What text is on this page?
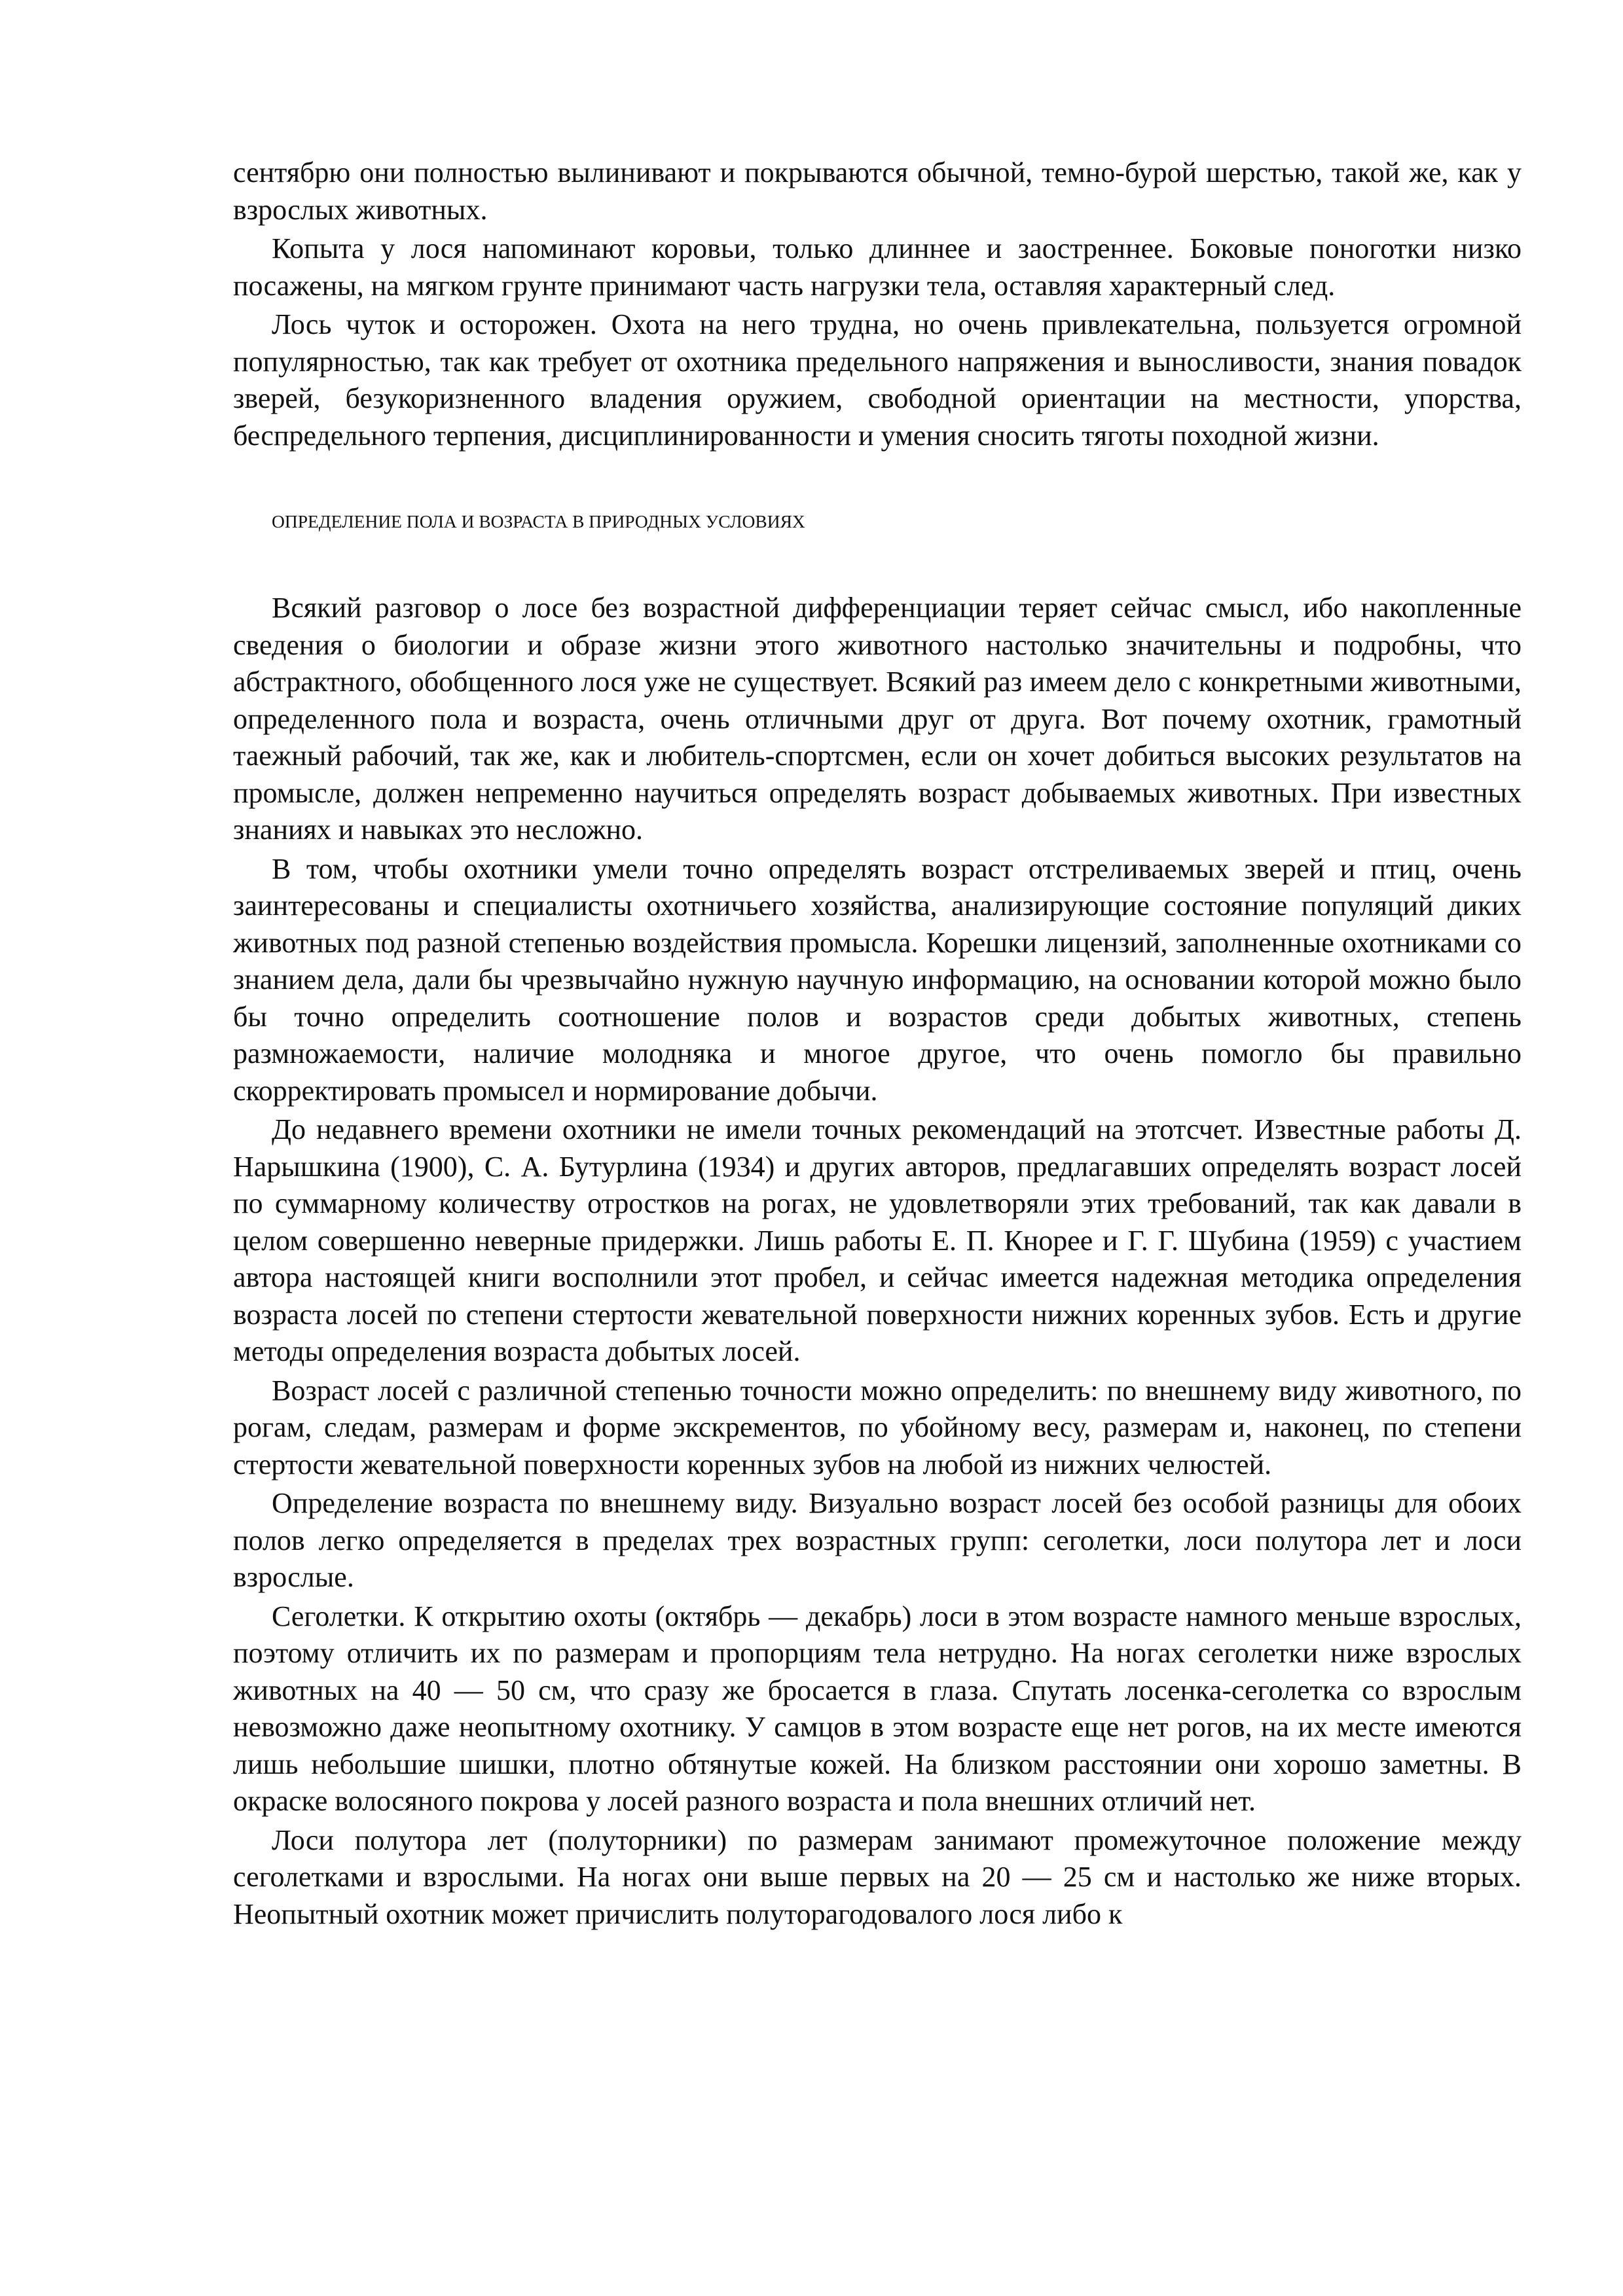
сентябрю они полностью вылинивают и покрываются обычной, темно-бурой шерстью, такой же, как у взрослых животных.

Копыта у лося напоминают коровьи, только длиннее и заостреннее. Боковые поноготки низко посажены, на мягком грунте принимают часть нагрузки тела, оставляя характерный след.

Лось чуток и осторожен. Охота на него трудна, но очень привлекательна, пользуется огромной популярностью, так как требует от охотника предельного напряжения и выносливости, знания повадок зверей, безукоризненного владения оружием, свободной ориентации на местности, упорства, беспредельного терпения, дисциплинированности и умения сносить тяготы походной жизни.

ОПРЕДЕЛЕНИЕ ПОЛА И ВОЗРАСТА В ПРИРОДНЫХ УСЛОВИЯХ

Всякий разговор о лосе без возрастной дифференциации теряет сейчас смысл, ибо накопленные сведения о биологии и образе жизни этого животного настолько значительны и подробны, что абстрактного, обобщенного лося уже не существует. Всякий раз имеем дело с конкретными животными, определенного пола и возраста, очень отличными друг от друга. Вот почему охотник, грамотный таежный рабочий, так же, как и любитель-спортсмен, если он хочет добиться высоких результатов на промысле, должен непременно научиться определять возраст добываемых животных. При известных знаниях и навыках это несложно.

В том, чтобы охотники умели точно определять возраст отстреливаемых зверей и птиц, очень заинтересованы и специалисты охотничьего хозяйства, анализирующие состояние популяций диких животных под разной степенью воздействия промысла. Корешки лицензий, заполненные охотниками со знанием дела, дали бы чрезвычайно нужную научную информацию, на основании которой можно было бы точно определить соотношение полов и возрастов среди добытых животных, степень размножаемости, наличие молодняка и многое другое, что очень помогло бы правильно скорректировать промысел и нормирование добычи.

До недавнего времени охотники не имели точных рекомендаций на этотсчет. Известные работы Д. Нарышкина (1900), С. А. Бутурлина (1934) и других авторов, предлагавших определять возраст лосей по суммарному количеству отростков на рогах, не удовлетворяли этих требований, так как давали в целом совершенно неверные придержки. Лишь работы Е. П. Кнорее и Г. Г. Шубина (1959) с участием автора настоящей книги восполнили этот пробел, и сейчас имеется надежная методика определения возраста лосей по степени стертости жевательной поверхности нижних коренных зубов. Есть и другие методы определения возраста добытых лосей.

Возраст лосей с различной степенью точности можно определить: по внешнему виду животного, по рогам, следам, размерам и форме экскрементов, по убойному весу, размерам и, наконец, по степени стертости жевательной поверхности коренных зубов на любой из нижних челюстей.

Определение возраста по внешнему виду. Визуально возраст лосей без особой разницы для обоих полов легко определяется в пределах трех возрастных групп: сеголетки, лоси полутора лет и лоси взрослые.

Сеголетки. К открытию охоты (октябрь — декабрь) лоси в этом возрасте намного меньше взрослых, поэтому отличить их по размерам и пропорциям тела нетрудно. На ногах сеголетки ниже взрослых животных на 40 — 50 см, что сразу же бросается в глаза. Спутать лосенка-сеголетка со взрослым невозможно даже неопытному охотнику. У самцов в этом возрасте еще нет рогов, на их месте имеются лишь небольшие шишки, плотно обтянутые кожей. На близком расстоянии они хорошо заметны. В окраске волосяного покрова у лосей разного возраста и пола внешних отличий нет.

Лоси полутора лет (полуторники) по размерам занимают промежуточное положение между сеголетками и взрослыми. На ногах они выше первых на 20 — 25 см и настолько же ниже вторых. Неопытный охотник может причислить полуторагодовалого лося либо к
